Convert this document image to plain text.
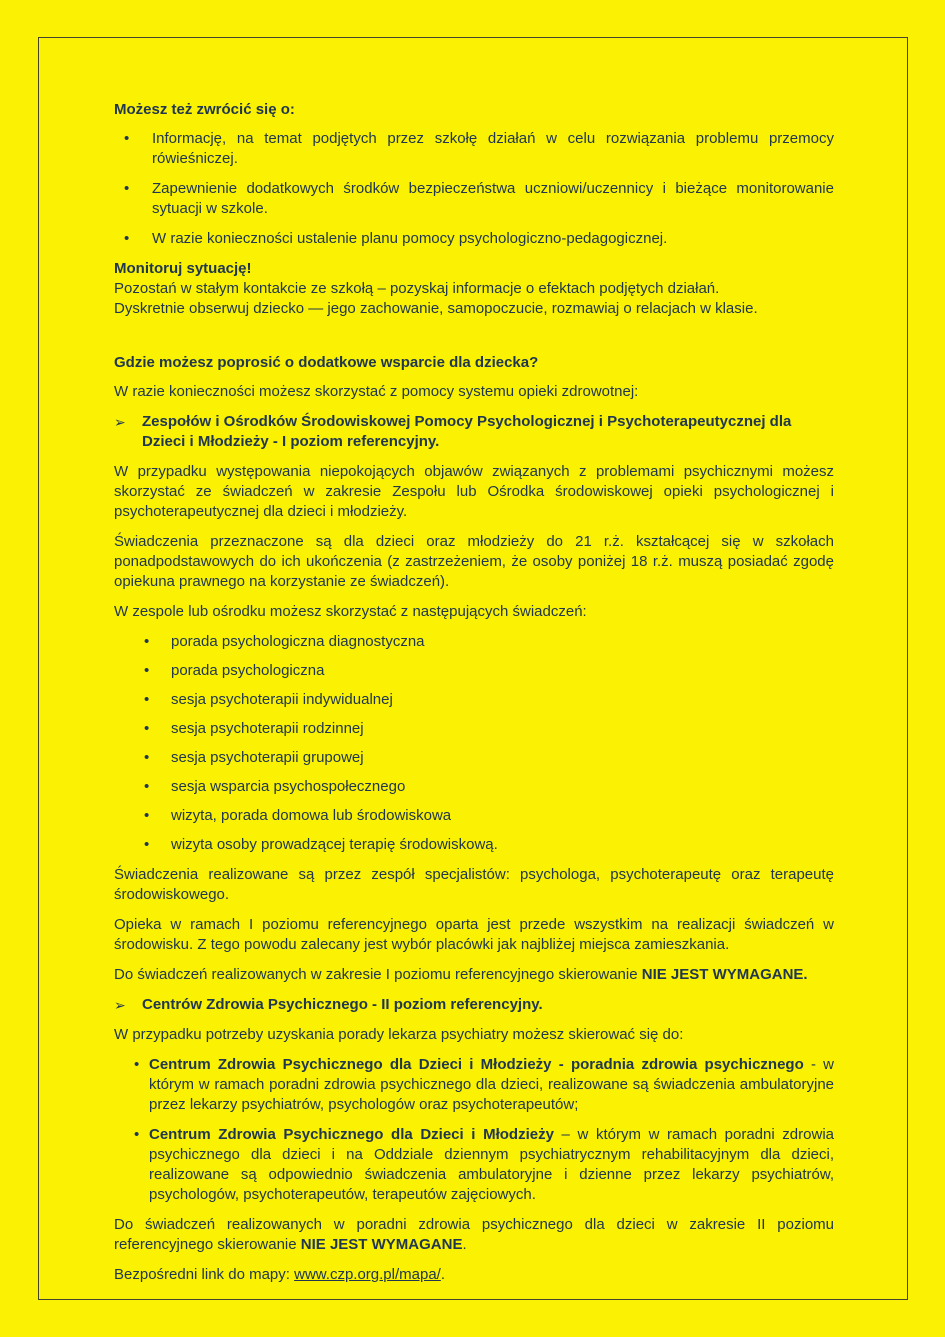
Możesz też zwrócić się o:
•	Informację, na temat podjętych przez szkołę działań w celu rozwiązania problemu przemocy rówieśniczej.
•	Zapewnienie dodatkowych środków bezpieczeństwa uczniowi/uczennicy i bieżące monitorowanie sytuacji w szkole.
•	W razie konieczności ustalenie planu pomocy psychologiczno-pedagogicznej.
Monitoruj sytuację!

Pozostań w stałym kontakcie ze szkołą – pozyskaj informacje o efektach podjętych działań.

Dyskretnie obserwuj dziecko — jego zachowanie, samopoczucie, rozmawiaj o relacjach w klasie.

Gdzie możesz poprosić o dodatkowe wsparcie dla dziecka?

W razie konieczności możesz skorzystać z pomocy systemu opieki zdrowotnej:

➢	Zespołów i Ośrodków Środowiskowej Pomocy Psychologicznej i Psychoterapeutycznej dla Dzieci i Młodzieży - I poziom referencyjny.

W przypadku występowania niepokojących objawów związanych z problemami psychicznymi możesz skorzystać ze świadczeń w zakresie Zespołu lub Ośrodka środowiskowej opieki psychologicznej i psychoterapeutycznej dla dzieci i młodzieży.

Świadczenia przeznaczone są dla dzieci oraz młodzieży do 21 r.ż. kształcącej się w szkołach ponadpodstawowych do ich ukończenia (z zastrzeżeniem, że osoby poniżej 18 r.ż. muszą posiadać zgodę opiekuna prawnego na korzystanie ze świadczeń).

W zespole lub ośrodku możesz skorzystać z następujących świadczeń:

•	porada psychologiczna diagnostyczna
•	porada psychologiczna
•	sesja psychoterapii indywidualnej
•	sesja psychoterapii rodzinnej
•	sesja psychoterapii grupowej
•	sesja wsparcia psychospołecznego
•	wizyta, porada domowa lub środowiskowa
•	wizyta osoby prowadzącej terapię środowiskową.

Świadczenia realizowane są przez zespół specjalistów: psychologa, psychoterapeutę oraz terapeutę środowiskowego.

Opieka w ramach I poziomu referencyjnego oparta jest przede wszystkim na realizacji świadczeń w środowisku. Z tego powodu zalecany jest wybór placówki jak najbliżej miejsca zamieszkania.

Do świadczeń realizowanych w zakresie I poziomu referencyjnego skierowanie NIE JEST WYMAGANE.

➢	Centrów Zdrowia Psychicznego - II poziom referencyjny.

W przypadku potrzeby uzyskania porady lekarza psychiatry możesz skierować się do:

• Centrum Zdrowia Psychicznego dla Dzieci i Młodzieży - poradnia zdrowia psychicznego - w którym w ramach poradni zdrowia psychicznego dla dzieci, realizowane są świadczenia ambulatoryjne przez lekarzy psychiatrów, psychologów oraz psychoterapeutów;
• Centrum Zdrowia Psychicznego dla Dzieci i Młodzieży – w którym w ramach poradni zdrowia psychicznego dla dzieci i na Oddziale dziennym psychiatrycznym rehabilitacyjnym dla dzieci, realizowane są odpowiednio świadczenia ambulatoryjne i dzienne przez lekarzy psychiatrów, psychologów, psychoterapeutów, terapeutów zajęciowych.

Do świadczeń realizowanych w poradni zdrowia psychicznego dla dzieci w zakresie II poziomu referencyjnego skierowanie NIE JEST WYMAGANE.

Bezpośredni link do mapy: www.czp.org.pl/mapa/.
